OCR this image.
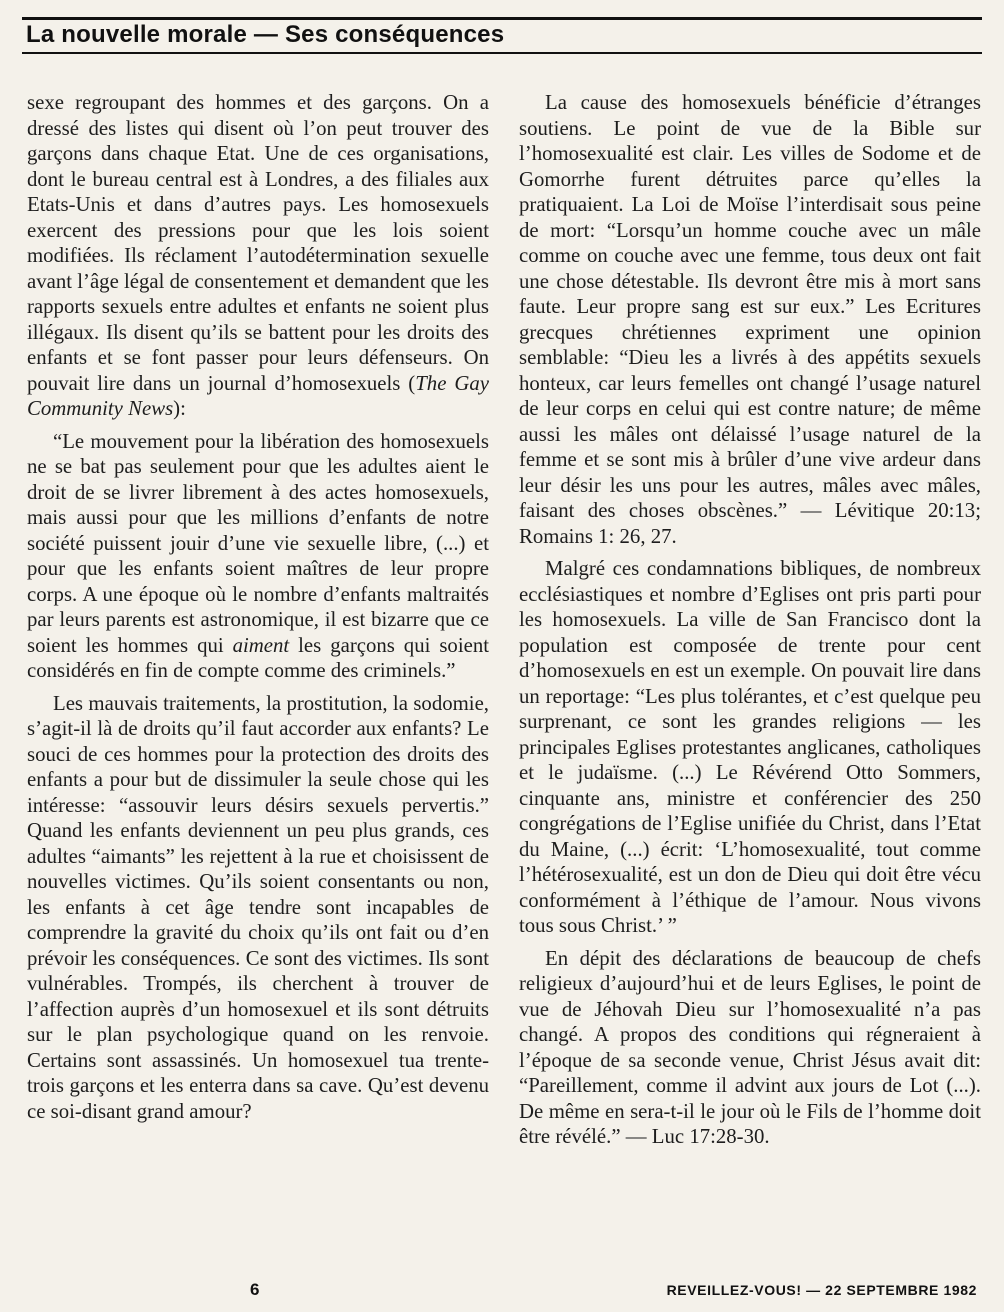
La nouvelle morale — Ses conséquences

sexe regroupant des hommes et des garçons. On a dressé des listes qui disent où l’on peut trouver des garçons dans chaque Etat. Une de ces organisations, dont le bureau central est à Londres, a des filiales aux Etats-Unis et dans d’autres pays. Les homosexuels exercent des pressions pour que les lois soient modifiées. Ils réclament l’autodétermination sexuelle avant l’âge légal de consentement et demandent que les rapports sexuels entre adultes et enfants ne soient plus illégaux. Ils disent qu’ils se battent pour les droits des enfants et se font passer pour leurs défenseurs. On pouvait lire dans un journal d’homosexuels (The Gay Community News):

“Le mouvement pour la libération des homosexuels ne se bat pas seulement pour que les adultes aient le droit de se livrer librement à des actes homosexuels, mais aussi pour que les millions d’enfants de notre société puissent jouir d’une vie sexuelle libre, (...) et pour que les enfants soient maîtres de leur propre corps. A une époque où le nombre d’enfants maltraités par leurs parents est astronomique, il est bizarre que ce soient les hommes qui aiment les garçons qui soient considérés en fin de compte comme des criminels.”

Les mauvais traitements, la prostitution, la sodomie, s’agit-il là de droits qu’il faut accorder aux enfants? Le souci de ces hommes pour la protection des droits des enfants a pour but de dissimuler la seule chose qui les intéresse: “assouvir leurs désirs sexuels pervertis.” Quand les enfants deviennent un peu plus grands, ces adultes “aimants” les rejettent à la rue et choisissent de nouvelles victimes. Qu’ils soient consentants ou non, les enfants à cet âge tendre sont incapables de comprendre la gravité du choix qu’ils ont fait ou d’en prévoir les conséquences. Ce sont des victimes. Ils sont vulnérables. Trompés, ils cherchent à trouver de l’affection auprès d’un homosexuel et ils sont détruits sur le plan psychologique quand on les renvoie. Certains sont assassinés. Un homosexuel tua trente-trois garçons et les enterra dans sa cave. Qu’est devenu ce soi-disant grand amour?

La cause des homosexuels bénéficie d’étranges soutiens. Le point de vue de la Bible sur l’homosexualité est clair. Les villes de Sodome et de Gomorrhe furent détruites parce qu’elles la pratiquaient. La Loi de Moïse l’interdisait sous peine de mort: “Lorsqu’un homme couche avec un mâle comme on couche avec une femme, tous deux ont fait une chose détestable. Ils devront être mis à mort sans faute. Leur propre sang est sur eux.” Les Ecritures grecques chrétiennes expriment une opinion semblable: “Dieu les a livrés à des appétits sexuels honteux, car leurs femelles ont changé l’usage naturel de leur corps en celui qui est contre nature; de même aussi les mâles ont délaissé l’usage naturel de la femme et se sont mis à brûler d’une vive ardeur dans leur désir les uns pour les autres, mâles avec mâles, faisant des choses obscènes.” — Lévitique 20:13; Romains 1: 26, 27.

Malgré ces condamnations bibliques, de nombreux ecclésiastiques et nombre d’Eglises ont pris parti pour les homosexuels. La ville de San Francisco dont la population est composée de trente pour cent d’homosexuels en est un exemple. On pouvait lire dans un reportage: “Les plus tolérantes, et c’est quelque peu surprenant, ce sont les grandes religions — les principales Eglises protestantes anglicanes, catholiques et le judaïsme. (...) Le Révérend Otto Sommers, cinquante ans, ministre et conférencier des 250 congrégations de l’Eglise unifiée du Christ, dans l’Etat du Maine, (...) écrit: ‘L’homosexualité, tout comme l’hétérosexualité, est un don de Dieu qui doit être vécu conformément à l’éthique de l’amour. Nous vivons tous sous Christ.’ ”

En dépit des déclarations de beaucoup de chefs religieux d’aujourd’hui et de leurs Eglises, le point de vue de Jéhovah Dieu sur l’homosexualité n’a pas changé. A propos des conditions qui régneraient à l’époque de sa seconde venue, Christ Jésus avait dit: “Pareillement, comme il advint aux jours de Lot (...). De même en sera-t-il le jour où le Fils de l’homme doit être révélé.” — Luc 17:28-30.

6	REVEILLEZ-VOUS! — 22 SEPTEMBRE 1982
